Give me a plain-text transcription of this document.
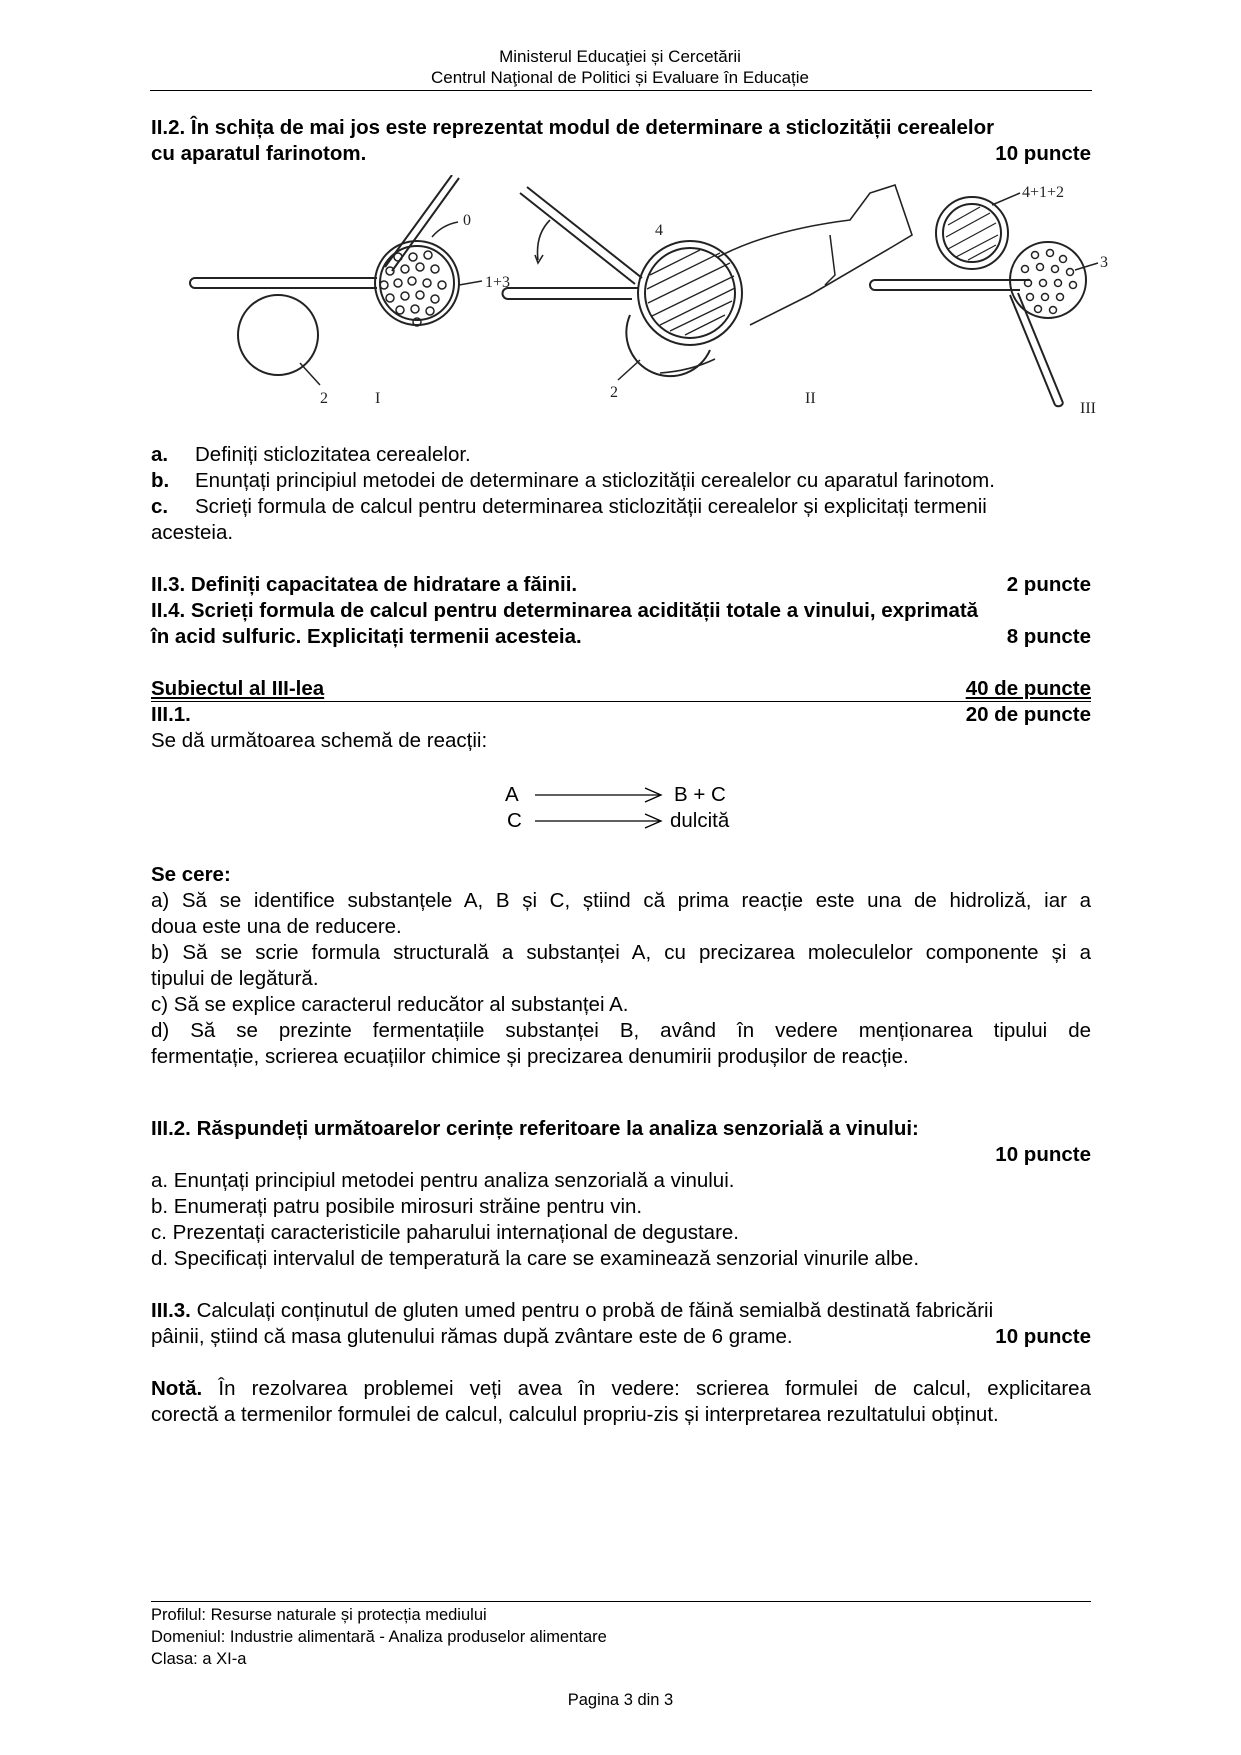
Ministerul Educaţiei și Cercetării
Centrul Naţional de Politici și Evaluare în Educație
II.2. În schița de mai jos este reprezentat modul de determinare a sticlozității cerealelor
cu aparatul farinotom.	10 puncte
0
1+3
2	I
4
2	II
4+1+2
3
III
a. Definiți sticlozitatea cerealelor.
b. Enunțați principiul metodei de determinare a sticlozității cerealelor cu aparatul farinotom.
c. Scrieți formula de calcul pentru determinarea sticlozității cerealelor și explicitați termenii
acesteia.
II.3. Definiți capacitatea de hidratare a făinii.	2 puncte
II.4. Scrieți formula de calcul pentru determinarea acidității totale a vinului, exprimată
în acid sulfuric. Explicitați termenii acesteia.	8 puncte
Subiectul al III-lea	40 de puncte
III.1.	20 de puncte
Se dă următoarea schemă de reacții:
A	B + C
C	dulcită
Se cere:
a) Să se identifice substanțele A, B și C, știind că prima reacție este una de hidroliză, iar a
doua este una de reducere.
b) Să se scrie formula structurală a substanței A, cu precizarea moleculelor componente și a
tipului de legătură.
c) Să se explice caracterul reducător al substanței A.
d) Să se prezinte fermentațiile substanței B, având în vedere menționarea tipului de
fermentație, scrierea ecuațiilor chimice și precizarea denumirii produșilor de reacție.
III.2. Răspundeți următoarelor cerințe referitoare la analiza senzorială a vinului:
10 puncte
a. Enunțați principiul metodei pentru analiza senzorială a vinului.
b. Enumerați patru posibile mirosuri străine pentru vin.
c. Prezentați caracteristicile paharului internațional de degustare.
d. Specificați intervalul de temperatură la care se examinează senzorial vinurile albe.
III.3. Calculați conținutul de gluten umed pentru o probă de făină semialbă destinată fabricării
pâinii, știind că masa glutenului rămas după zvântare este de 6 grame.	10 puncte
Notă. În rezolvarea problemei veți avea în vedere: scrierea formulei de calcul, explicitarea
corectă a termenilor formulei de calcul, calculul propriu-zis și interpretarea rezultatului obținut.
Profilul: Resurse naturale și protecția mediului
Domeniul: Industrie alimentară - Analiza produselor alimentare
Clasa: a XI-a
Pagina 3 din 3
